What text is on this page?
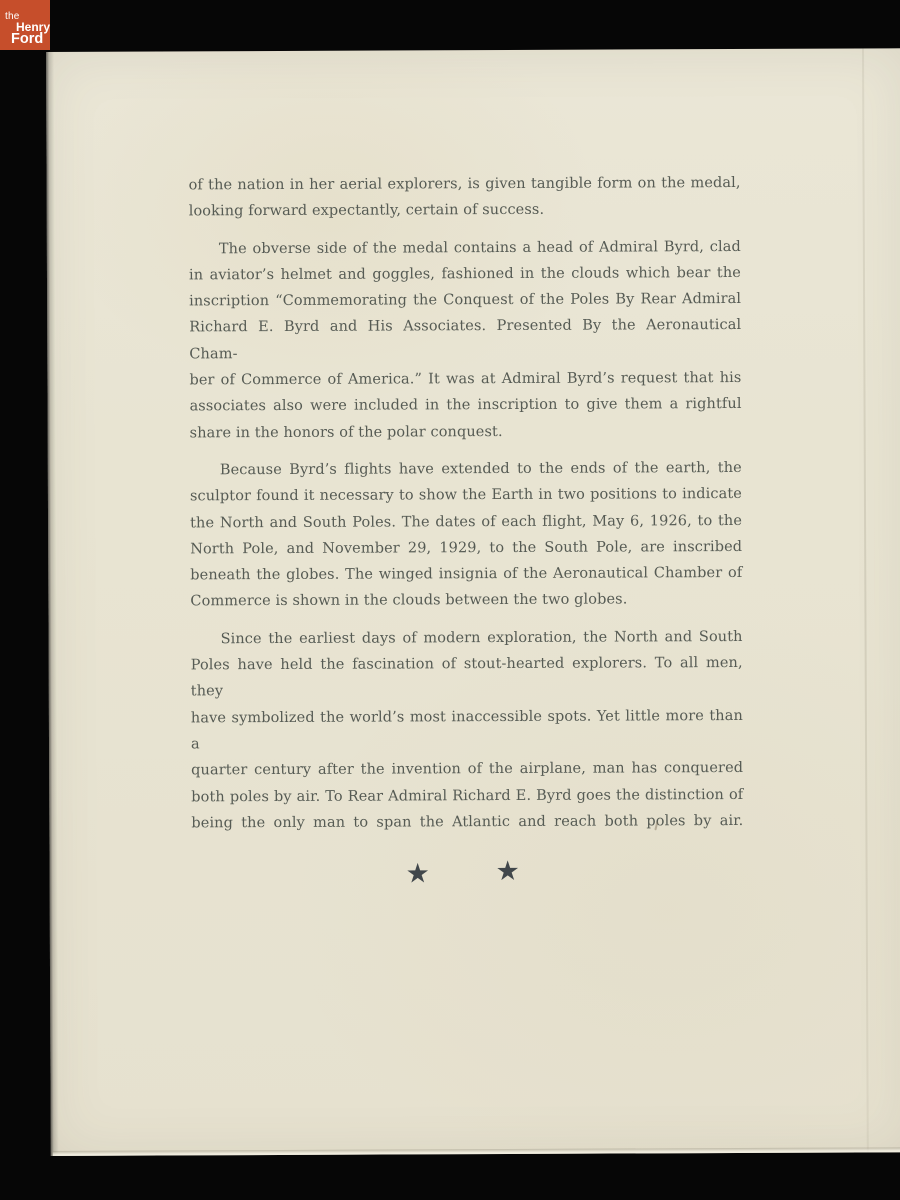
of the nation in her aerial explorers, is given tangible form on the medal,
looking forward expectantly, certain of success.
The obverse side of the medal contains a head of Admiral Byrd, clad
in aviator’s helmet and goggles, fashioned in the clouds which bear the
inscription “Commemorating the Conquest of the Poles By Rear Admiral
Richard E. Byrd and His Associates. Presented By the Aeronautical Cham-
ber of Commerce of America.” It was at Admiral Byrd’s request that his
associates also were included in the inscription to give them a rightful
share in the honors of the polar conquest.
Because Byrd’s flights have extended to the ends of the earth, the
sculptor found it necessary to show the Earth in two positions to indicate
the North and South Poles. The dates of each flight, May 6, 1926, to the
North Pole, and November 29, 1929, to the South Pole, are inscribed
beneath the globes. The winged insignia of the Aeronautical Chamber of
Commerce is shown in the clouds between the two globes.
Since the earliest days of modern exploration, the North and South
Poles have held the fascination of stout-hearted explorers. To all men, they
have symbolized the world’s most inaccessible spots. Yet little more than a
quarter century after the invention of the airplane, man has conquered
both poles by air. To Rear Admiral Richard E. Byrd goes the distinction of
being the only man to span the Atlantic and reach both poles by air.
★ ★
the
Henry
Ford
